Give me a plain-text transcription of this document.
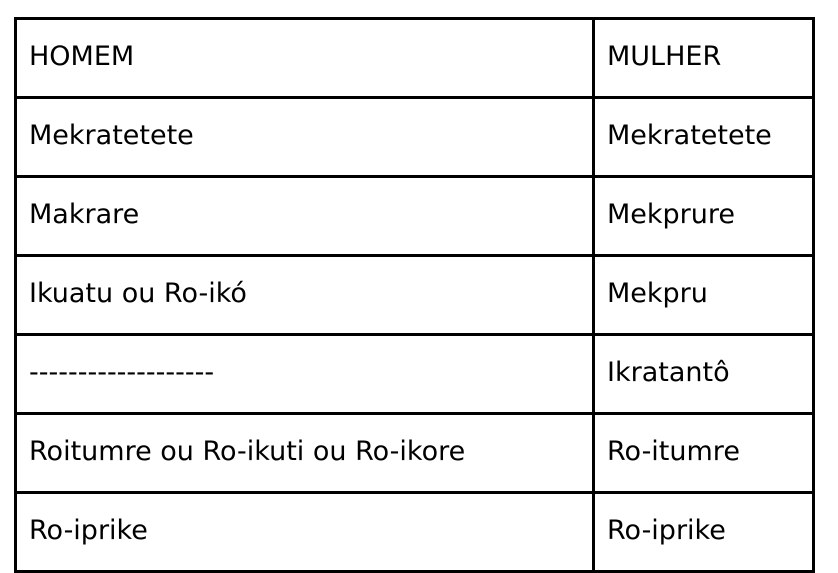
HOMEM	MULHER
Mekratetete	Mekratetete
Makrare	Mekprure
Ikuatu ou Ro-ikó	Mekpru
-------------------	Ikratantô
Roitumre ou Ro-ikuti ou Ro-ikore	Ro-itumre
Ro-iprike	Ro-iprike
